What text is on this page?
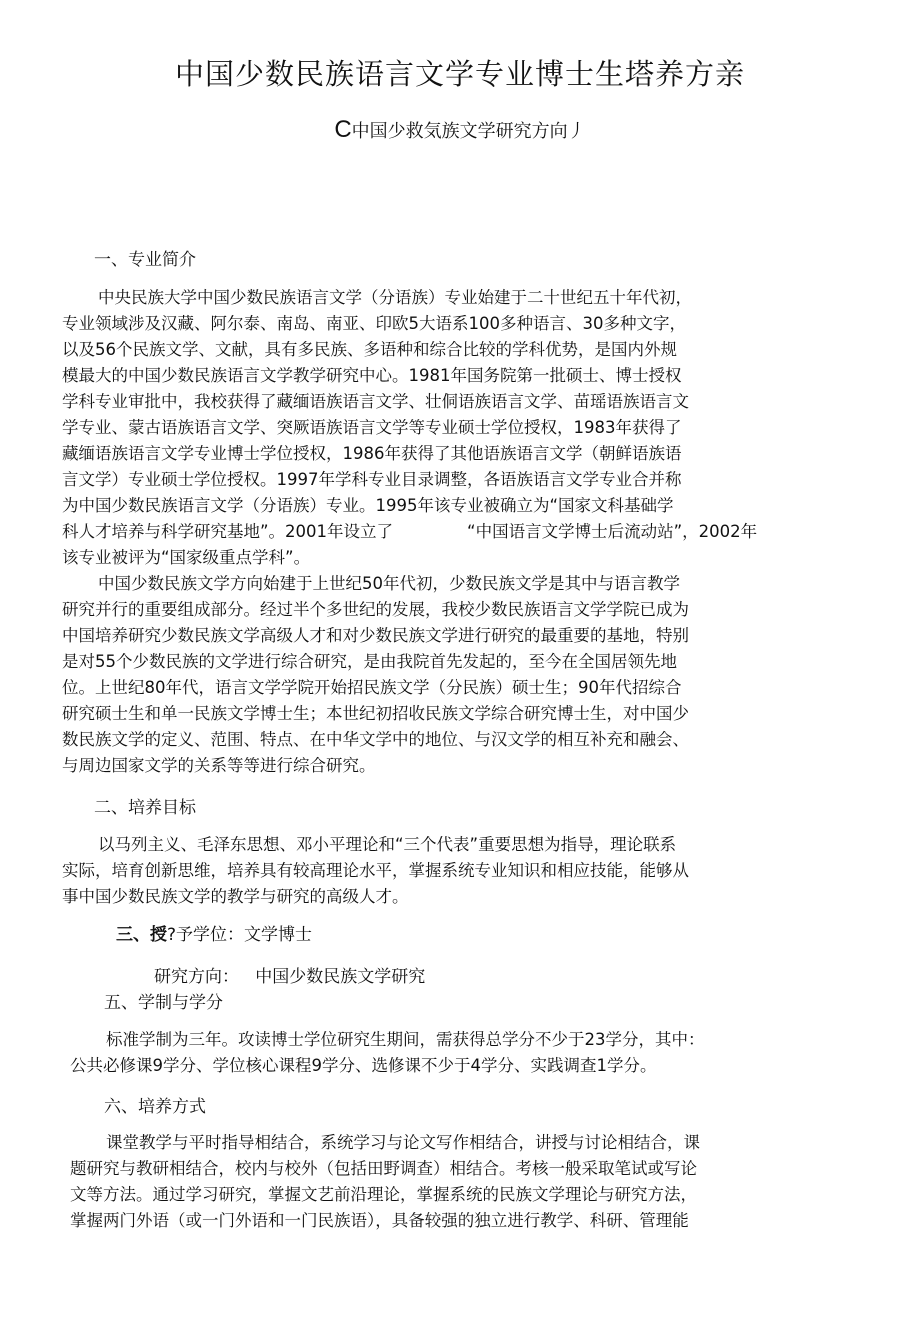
中国少数民族语言文学专业博士生塔养方亲
C中国少救気族文学研究方向丿
一、专业简介
中央民族大学中国少数民族语言文学（分语族）专业始建于二十世纪五十年代初，
专业领域涉及汉藏、阿尔泰、南岛、南亚、印欧5大语系100多种语言、30多种文字，
以及56个民族文学、文献，具有多民族、多语种和综合比较的学科优势，是国内外规
模最大的中国少数民族语言文学教学研究中心。1981年国务院第一批硕士、博士授权
学科专业审批中，我校获得了藏缅语族语言文学、壮侗语族语言文学、苗瑶语族语言文
学专业、蒙古语族语言文学、突厥语族语言文学等专业硕士学位授权，1983年获得了
藏缅语族语言文学专业博士学位授权，1986年获得了其他语族语言文学（朝鲜语族语
言文学）专业硕士学位授权。1997年学科专业目录调整，各语族语言文学专业合并称
为中国少数民族语言文学（分语族）专业。1995年该专业被确立为“国家文科基础学
科人才培养与科学研究基地”。2001年设立了	“中国语言文学博士后流动站”，2002年
该专业被评为“国家级重点学科”。
中国少数民族文学方向始建于上世纪50年代初，少数民族文学是其中与语言教学
研究并行的重要组成部分。经过半个多世纪的发展，我校少数民族语言文学学院已成为
中国培养研究少数民族文学高级人才和对少数民族文学进行研究的最重要的基地，特别
是对55个少数民族的文学进行综合研究，是由我院首先发起的，至今在全国居领先地
位。上世纪80年代，语言文学学院开始招民族文学（分民族）硕士生；90年代招综合
研究硕士生和单一民族文学博士生；本世纪初招收民族文学综合研究博士生，对中国少
数民族文学的定义、范围、特点、在中华文学中的地位、与汉文学的相互补充和融会、
与周边国家文学的关系等等进行综合研究。
二、培养目标
以马列主义、毛泽东思想、邓小平理论和“三个代表”重要思想为指导，理论联系
实际，培育创新思维，培养具有较高理论水平，掌握系统专业知识和相应技能，能够从
事中国少数民族文学的教学与研究的高级人才。
三、授?予学位：文学博士
研究方向：   中国少数民族文学研究
五、学制与学分
标准学制为三年。攻读博士学位研究生期间，需获得总学分不少于23学分，其中：
公共必修课9学分、学位核心课程9学分、选修课不少于4学分、实践调查1学分。
六、培养方式
课堂教学与平时指导相结合，系统学习与论文写作相结合，讲授与讨论相结合，课
题研究与教研相结合，校内与校外（包括田野调查）相结合。考核一般采取笔试或写论
文等方法。通过学习研究，掌握文艺前沿理论，掌握系统的民族文学理论与研究方法，
掌握两门外语（或一门外语和一门民族语），具备较强的独立进行教学、科研、管理能
